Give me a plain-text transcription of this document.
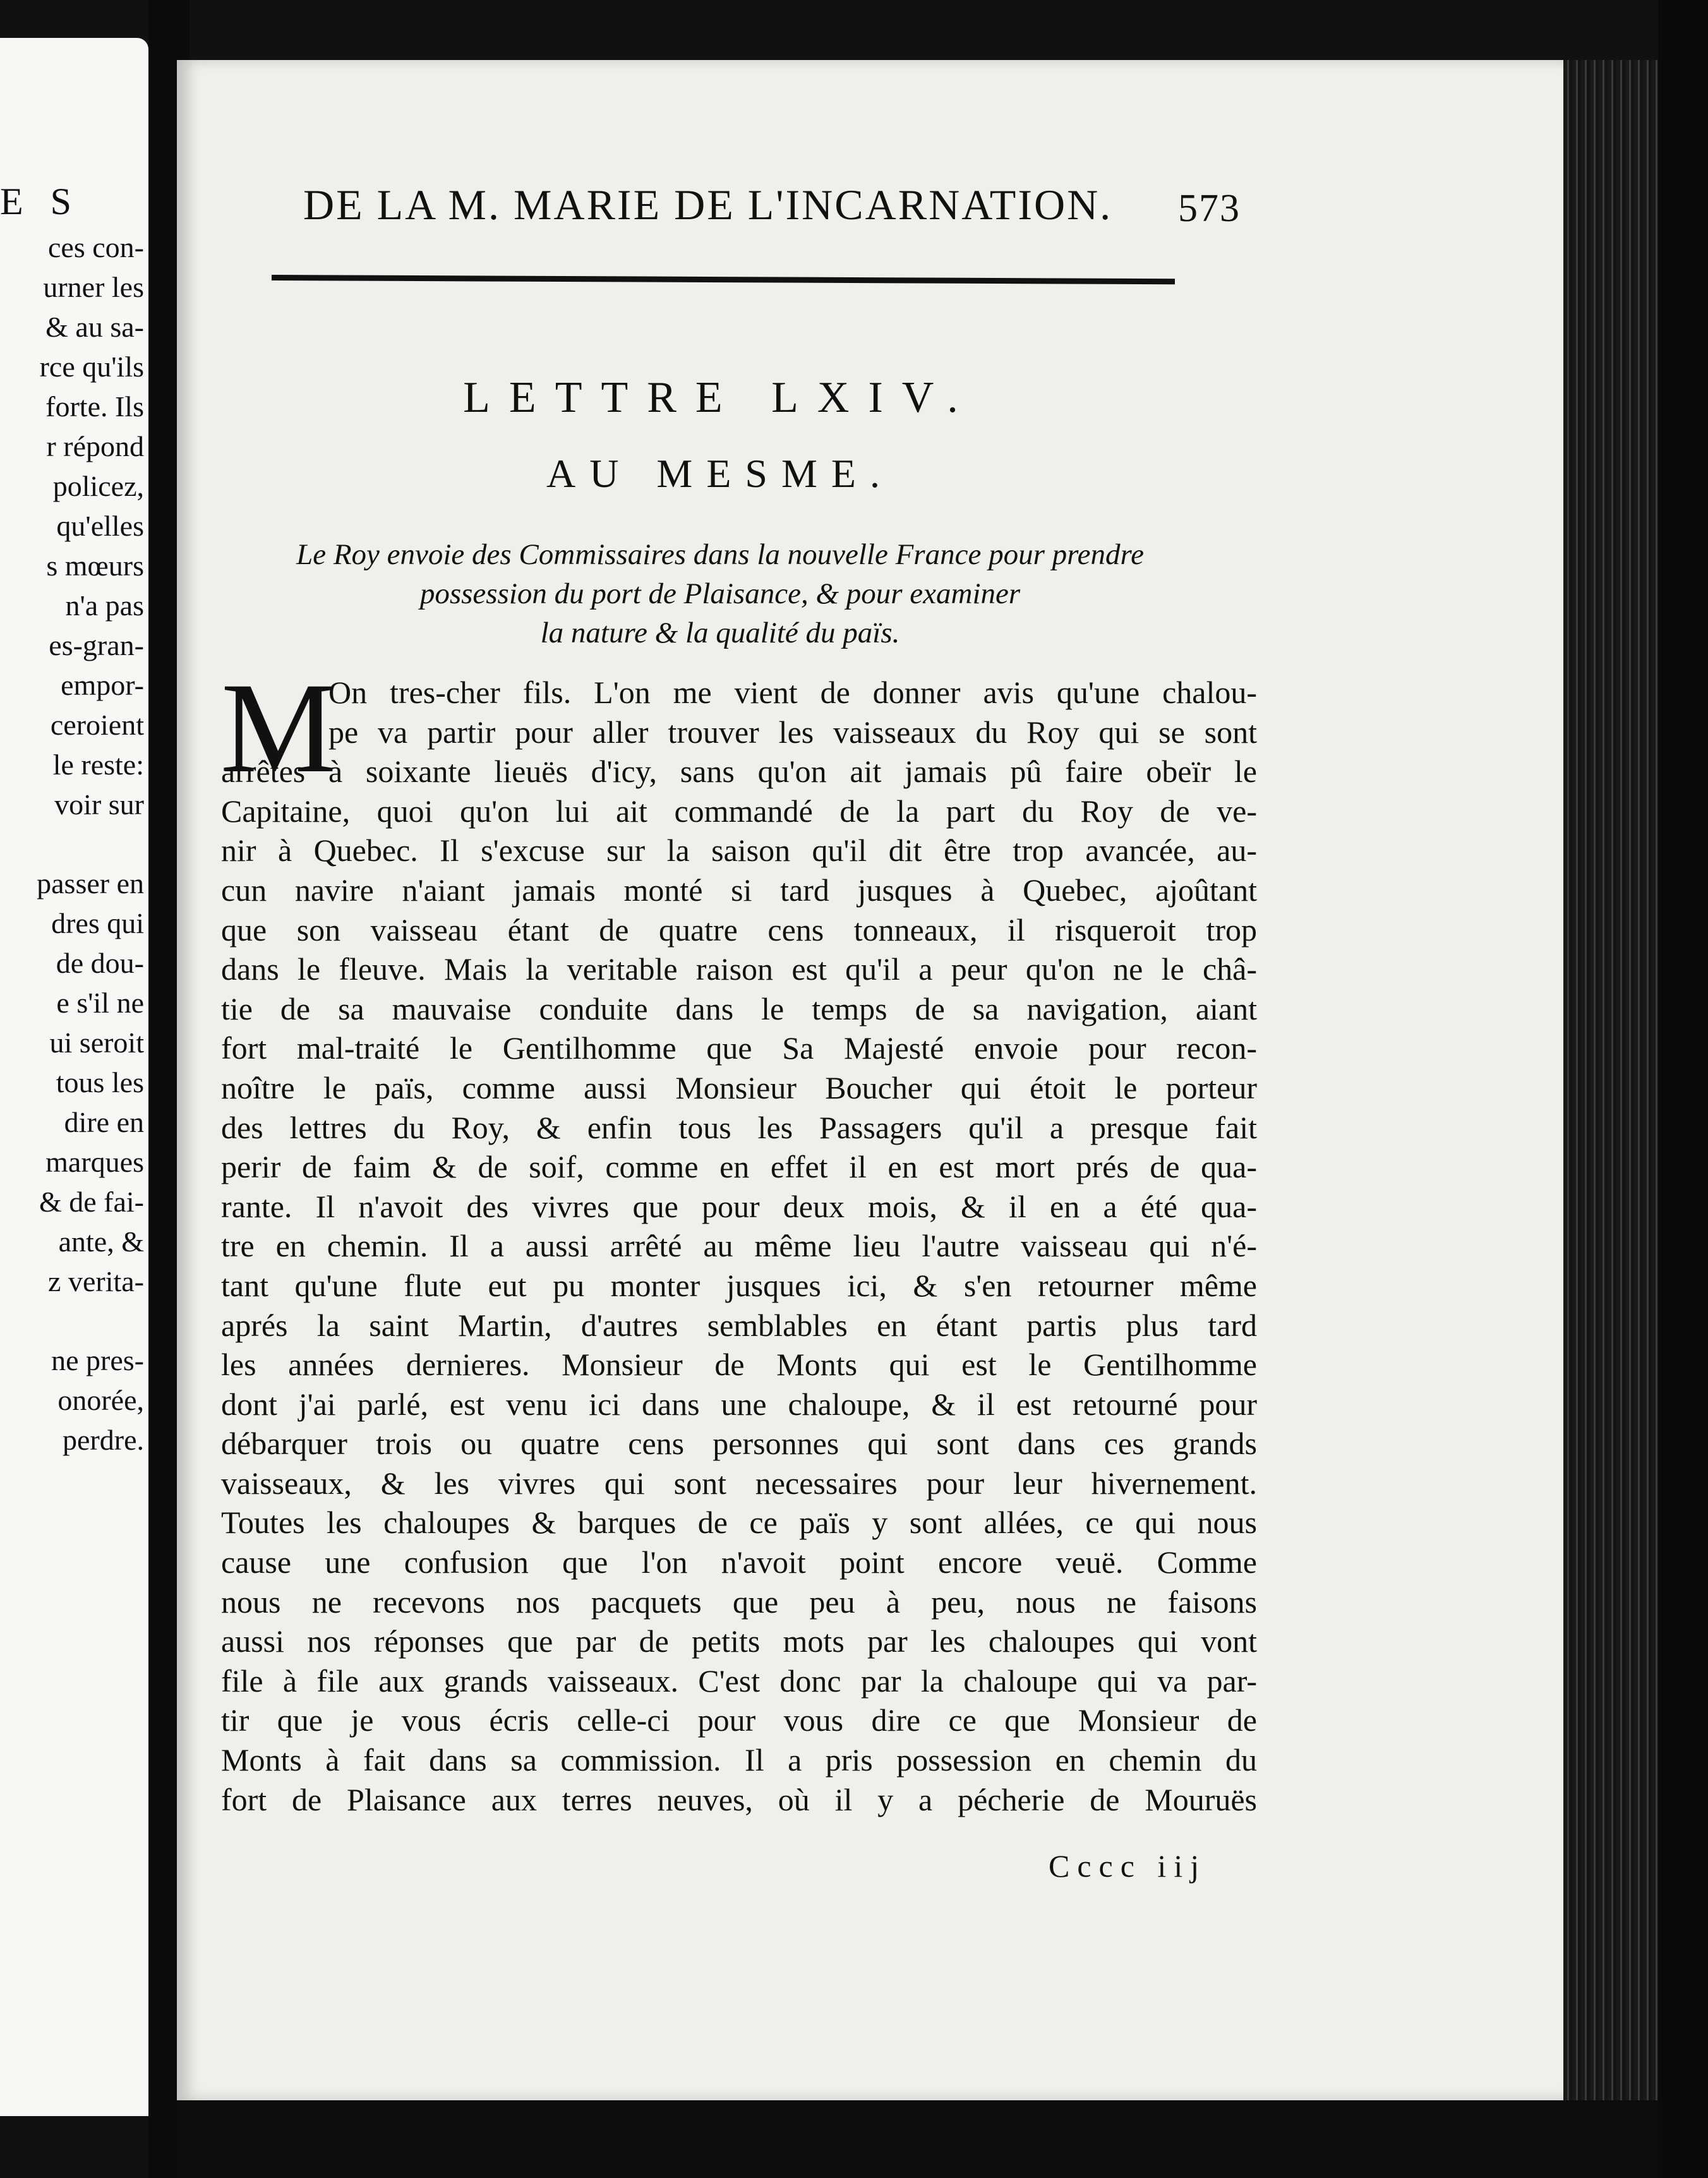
E S
ces con-
urner les
& au sa-
rce qu'ils
forte. Ils
r répond
policez,
qu'elles
s mœurs
n'a pas
es-gran-
empor-
ceroient
le reste:
voir sur
passer en
dres qui
de dou-
e s'il ne
ui seroit
tous les
dire en
marques
& de fai-
ante, &
z verita-
ne pres-
onorée,
perdre.
DE LA M. MARIE DE L'INCARNATION.	573
LETTRE LXIV.
AU MESME.
Le Roy envoie des Commissaires dans la nouvelle France pour prendre
possession du port de Plaisance, & pour examiner
la nature & la qualité du païs.
M
On tres-cher fils. L'on me vient de donner avis qu'une chalou-
pe va partir pour aller trouver les vaisseaux du Roy qui se sont
arrêtes à soixante lieuës d'icy, sans qu'on ait jamais pû faire obeïr le
Capitaine, quoi qu'on lui ait commandé de la part du Roy de ve-
nir à Quebec. Il s'excuse sur la saison qu'il dit être trop avancée, au-
cun navire n'aiant jamais monté si tard jusques à Quebec, ajoûtant
que son vaisseau étant de quatre cens tonneaux, il risqueroit trop
dans le fleuve. Mais la veritable raison est qu'il a peur qu'on ne le châ-
tie de sa mauvaise conduite dans le temps de sa navigation, aiant
fort mal-traité le Gentilhomme que Sa Majesté envoie pour recon-
noître le païs, comme aussi Monsieur Boucher qui étoit le porteur
des lettres du Roy, & enfin tous les Passagers qu'il a presque fait
perir de faim & de soif, comme en effet il en est mort prés de qua-
rante. Il n'avoit des vivres que pour deux mois, & il en a été qua-
tre en chemin. Il a aussi arrêté au même lieu l'autre vaisseau qui n'é-
tant qu'une flute eut pu monter jusques ici, & s'en retourner même
aprés la saint Martin, d'autres semblables en étant partis plus tard
les années dernieres. Monsieur de Monts qui est le Gentilhomme
dont j'ai parlé, est venu ici dans une chaloupe, & il est retourné pour
débarquer trois ou quatre cens personnes qui sont dans ces grands
vaisseaux, & les vivres qui sont necessaires pour leur hivernement.
Toutes les chaloupes & barques de ce païs y sont allées, ce qui nous
cause une confusion que l'on n'avoit point encore veuë. Comme
nous ne recevons nos pacquets que peu à peu, nous ne faisons
aussi nos réponses que par de petits mots par les chaloupes qui vont
file à file aux grands vaisseaux. C'est donc par la chaloupe qui va par-
tir que je vous écris celle-ci pour vous dire ce que Monsieur de
Monts à fait dans sa commission. Il a pris possession en chemin du
fort de Plaisance aux terres neuves, où il y a pécherie de Mouruës
Cccc iij
